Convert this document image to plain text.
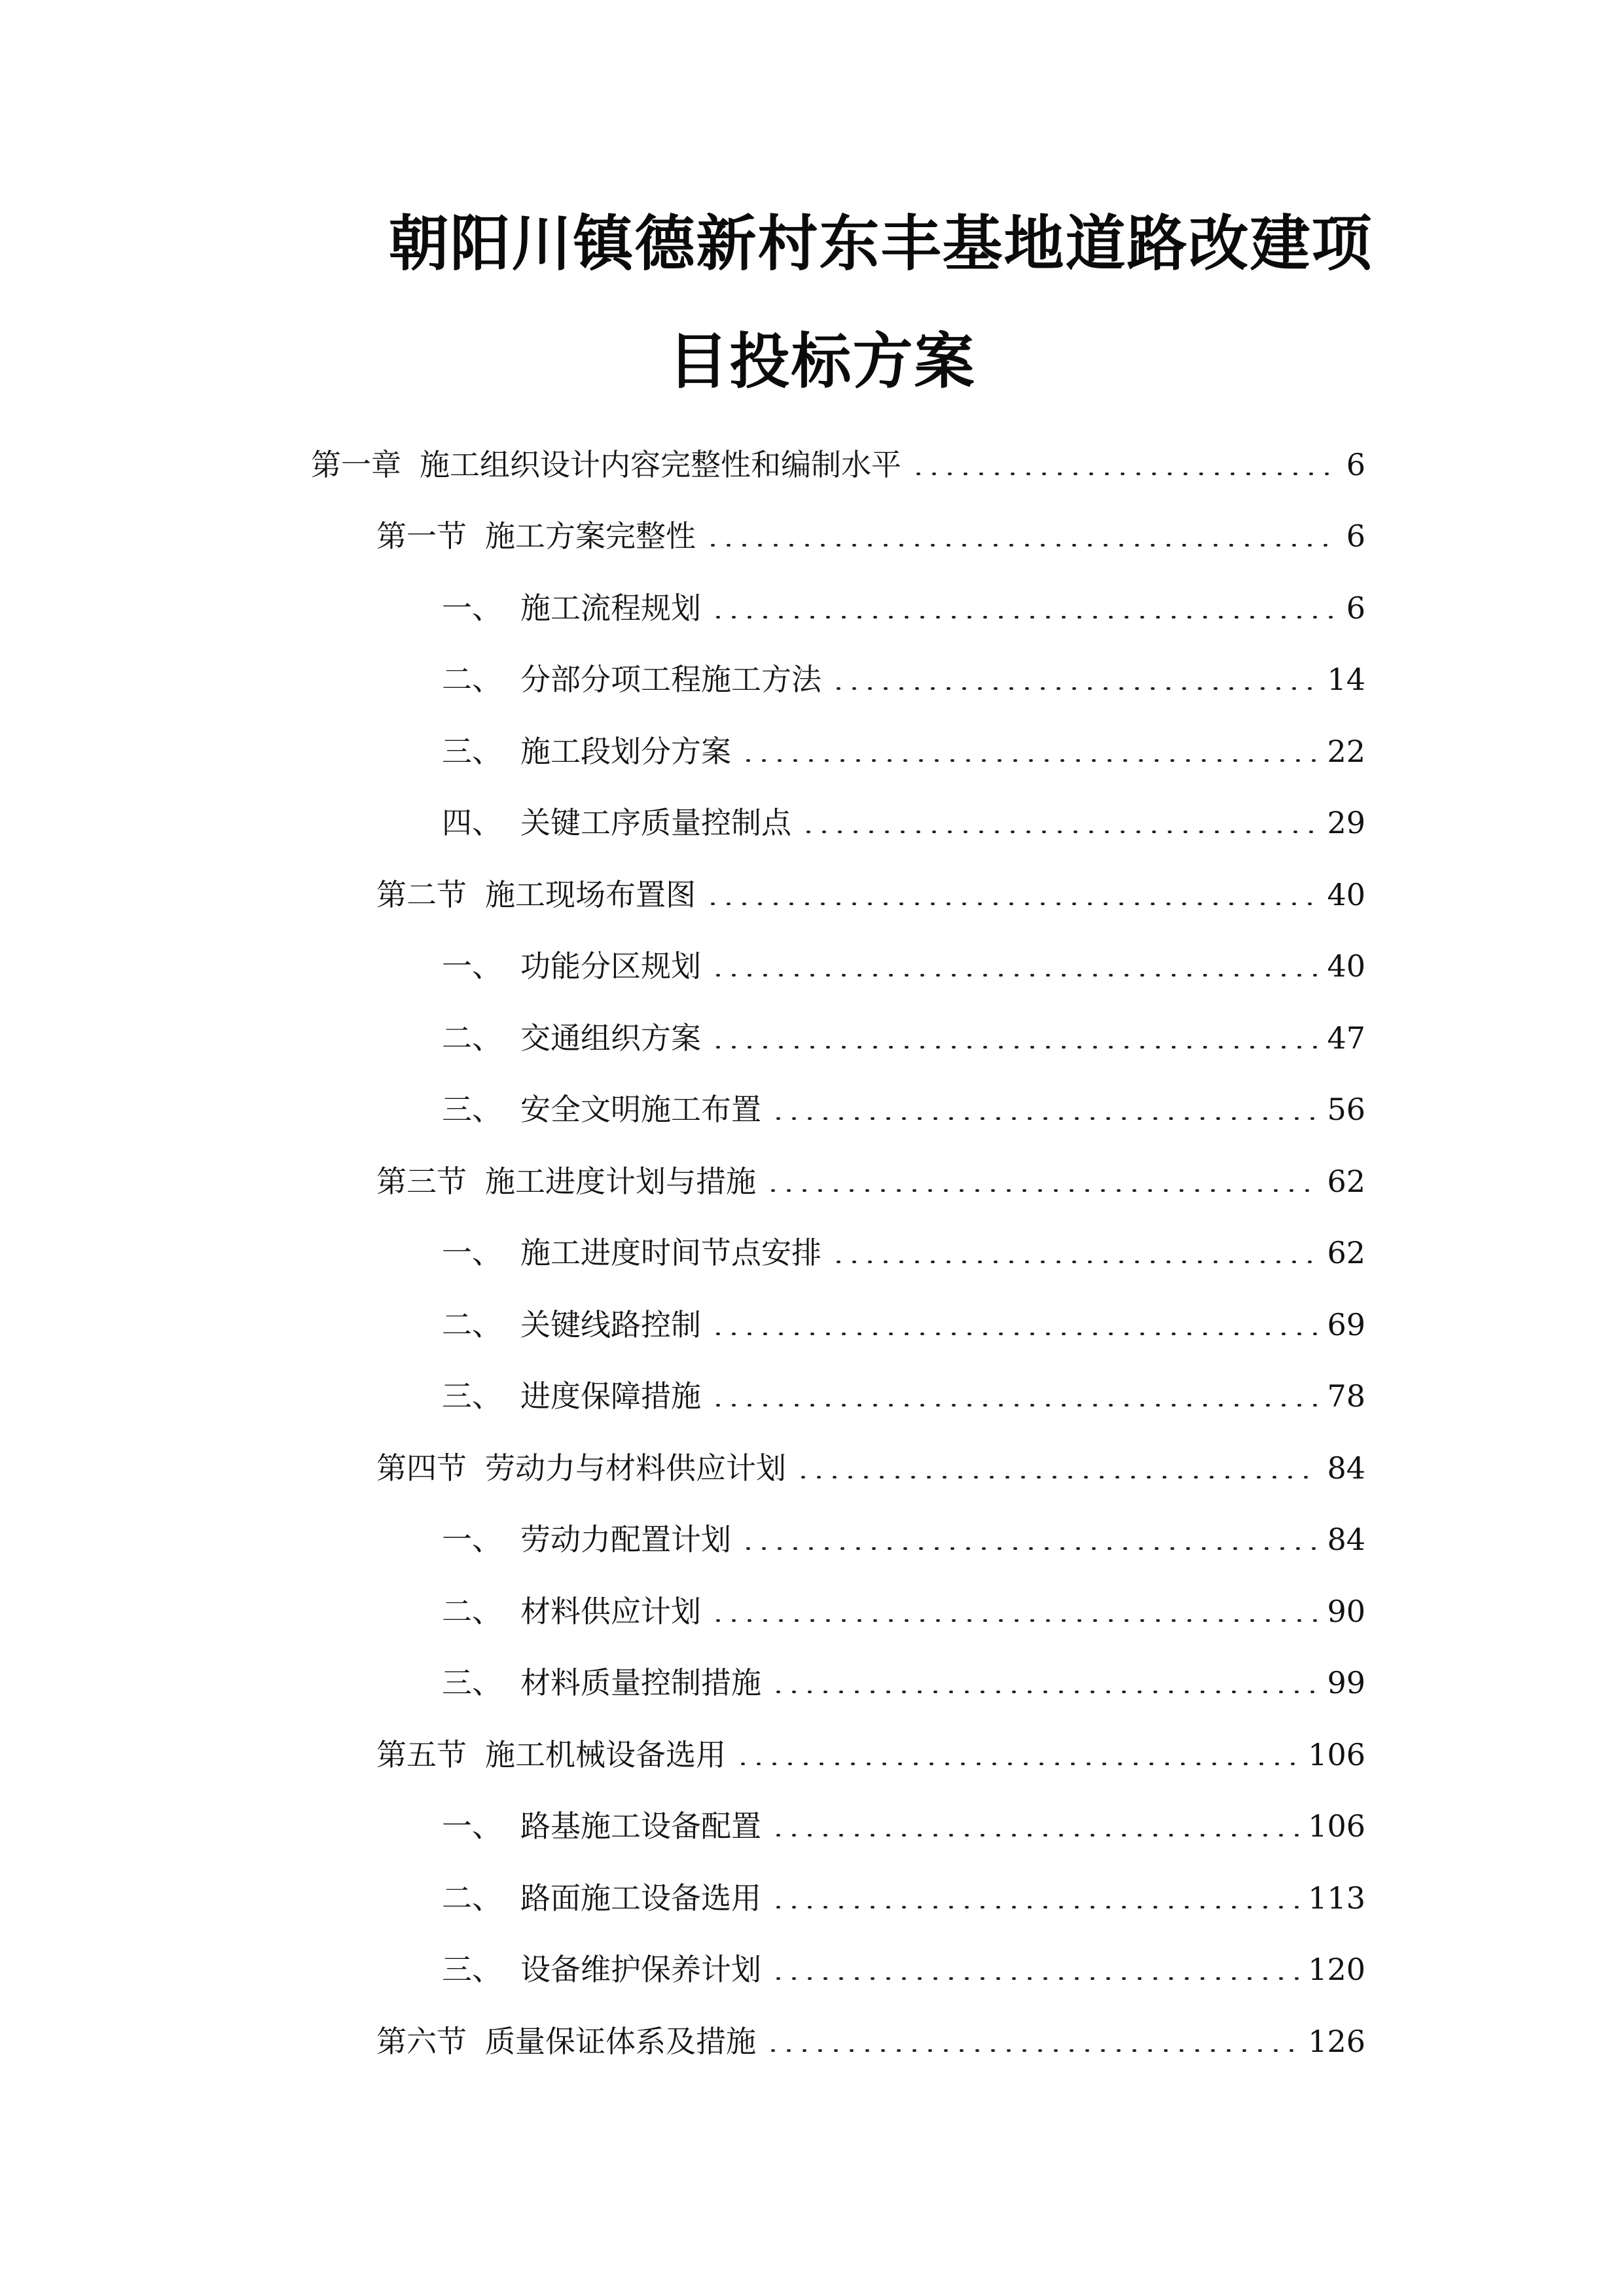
朝阳川镇德新村东丰基地道路改建项
目投标方案
第一章 施工组织设计内容完整性和编制水平	6
第一节 施工方案完整性	6
一、 施工流程规划	6
二、 分部分项工程施工方法	14
三、 施工段划分方案	22
四、 关键工序质量控制点	29
第二节 施工现场布置图	40
一、 功能分区规划	40
二、 交通组织方案	47
三、 安全文明施工布置	56
第三节 施工进度计划与措施	62
一、 施工进度时间节点安排	62
二、 关键线路控制	69
三、 进度保障措施	78
第四节 劳动力与材料供应计划	84
一、 劳动力配置计划	84
二、 材料供应计划	90
三、 材料质量控制措施	99
第五节 施工机械设备选用	106
一、 路基施工设备配置	106
二、 路面施工设备选用	113
三、 设备维护保养计划	120
第六节 质量保证体系及措施	126
